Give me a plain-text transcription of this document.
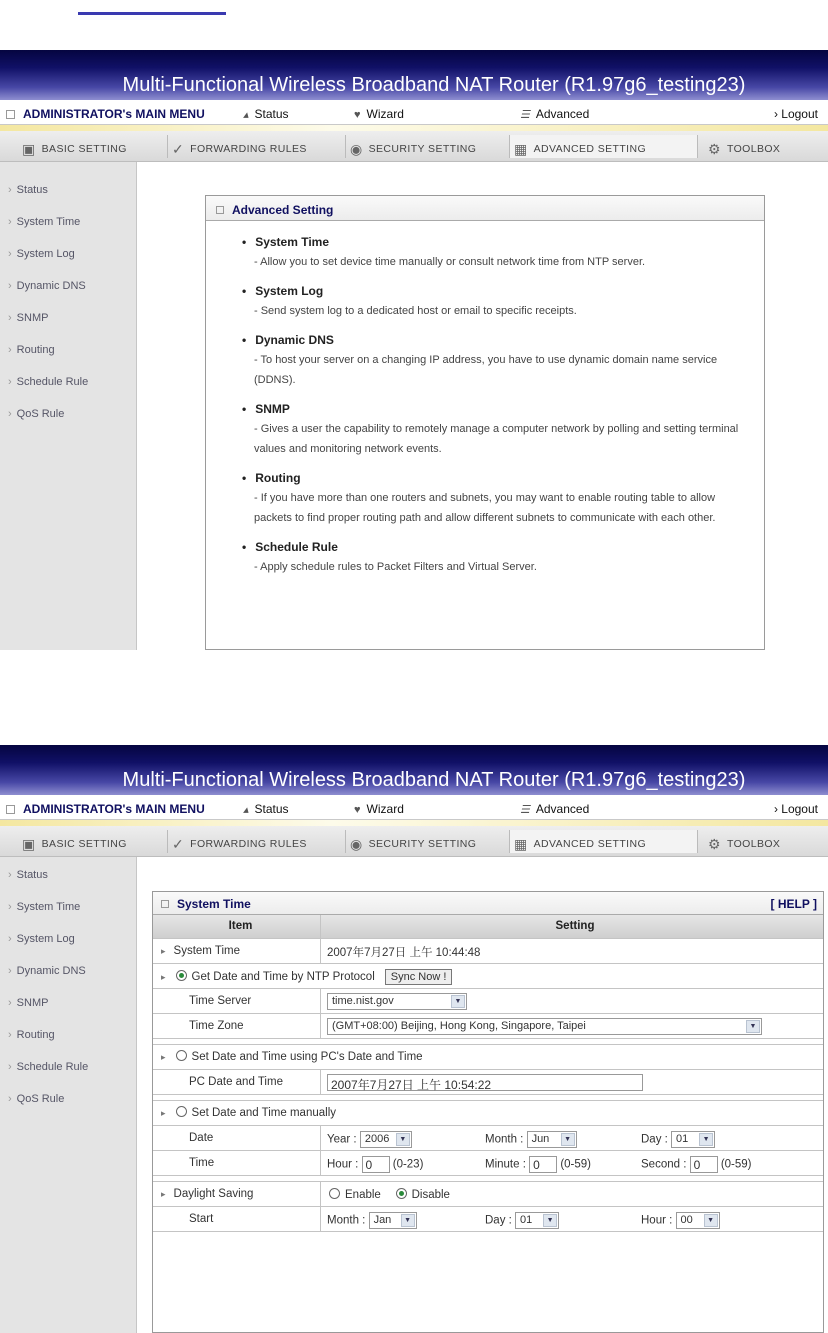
Multi-Functional Wireless Broadband NAT Router (R1.97g6_testing23)
ADMINISTRATOR's MAIN MENU	▴ Status	♥ Wizard	☰ Advanced	› Logout
▣ BASIC SETTING	✓ FORWARDING RULES	◉ SECURITY SETTING	▦ ADVANCED SETTING	⚙ TOOLBOX
› Status
› System Time
› System Log
› Dynamic DNS
› SNMP
› Routing
› Schedule Rule
› QoS Rule
Advanced Setting
• System Time

- Allow you to set device time manually or consult network time from NTP server.

• System Log

- Send system log to a dedicated host or email to specific receipts.

• Dynamic DNS

- To host your server on a changing IP address, you have to use dynamic domain name service (DDNS).

• SNMP

- Gives a user the capability to remotely manage a computer network by polling and setting terminal values and monitoring network events.

• Routing

- If you have more than one routers and subnets, you may want to enable routing table to allow packets to find proper routing path and allow different subnets to communicate with each other.

• Schedule Rule

- Apply schedule rules to Packet Filters and Virtual Server.

Multi-Functional Wireless Broadband NAT Router (R1.97g6_testing23)
ADMINISTRATOR's MAIN MENU	▴ Status	♥ Wizard	☰ Advanced	› Logout
▣ BASIC SETTING	✓ FORWARDING RULES	◉ SECURITY SETTING	▦ ADVANCED SETTING	⚙ TOOLBOX
› Status
› System Time
› System Log
› Dynamic DNS
› SNMP
› Routing
› Schedule Rule
› QoS Rule
System Time	[ HELP ]
Item	Setting
▸ System Time	2007年7月27日 上午 10:44:48
▸ Get Date and Time by NTP Protocol Sync Now !
Time Server	time.nist.gov	▼
Time Zone	(GMT+08:00) Beijing, Hong Kong, Singapore, Taipei	▼
▸ Set Date and Time using PC's Date and Time
PC Date and Time	2007年7月27日 上午 10:54:22
▸ Set Date and Time manually
Date	Year : 2006	▼	Month : Jun	▼	Day : 01	▼
Time	Hour : 0 (0-23)	Minute : 0 (0-59)	Second : 0 (0-59)
▸ Daylight Saving	Enable	Disable
Start	Month : Jan	▼	Day : 01	▼	Hour : 00	▼
